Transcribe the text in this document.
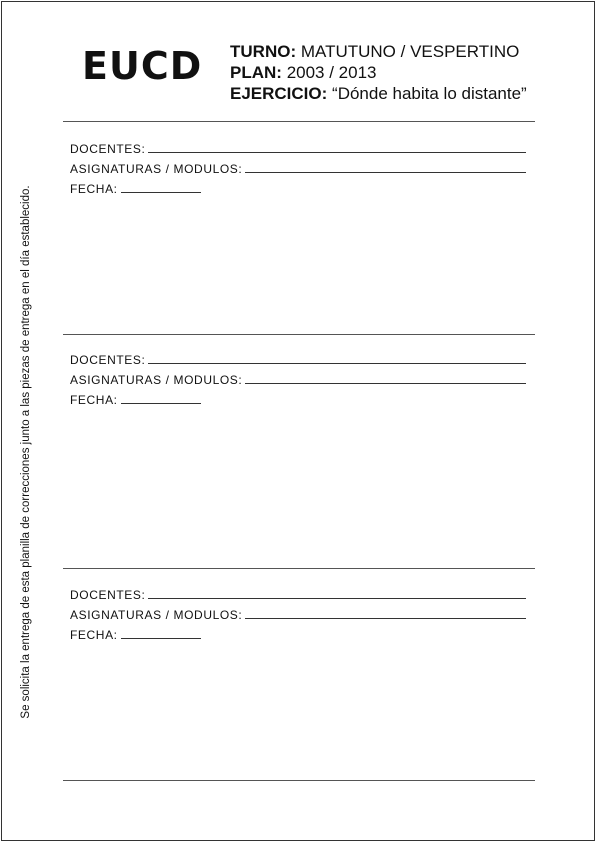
EUCD TURNO: MATUTUNO / VESPERTINO
PLAN: 2003 / 2013
EJERCICIO: “Dónde habita lo distante”
Se solicita la entrega de esta planilla de correcciones junto a las piezas de entrega en el día establecido.
DOCENTES:
ASIGNATURAS / MODULOS:
FECHA:
DOCENTES:
ASIGNATURAS / MODULOS:
FECHA:
DOCENTES:
ASIGNATURAS / MODULOS:
FECHA:
